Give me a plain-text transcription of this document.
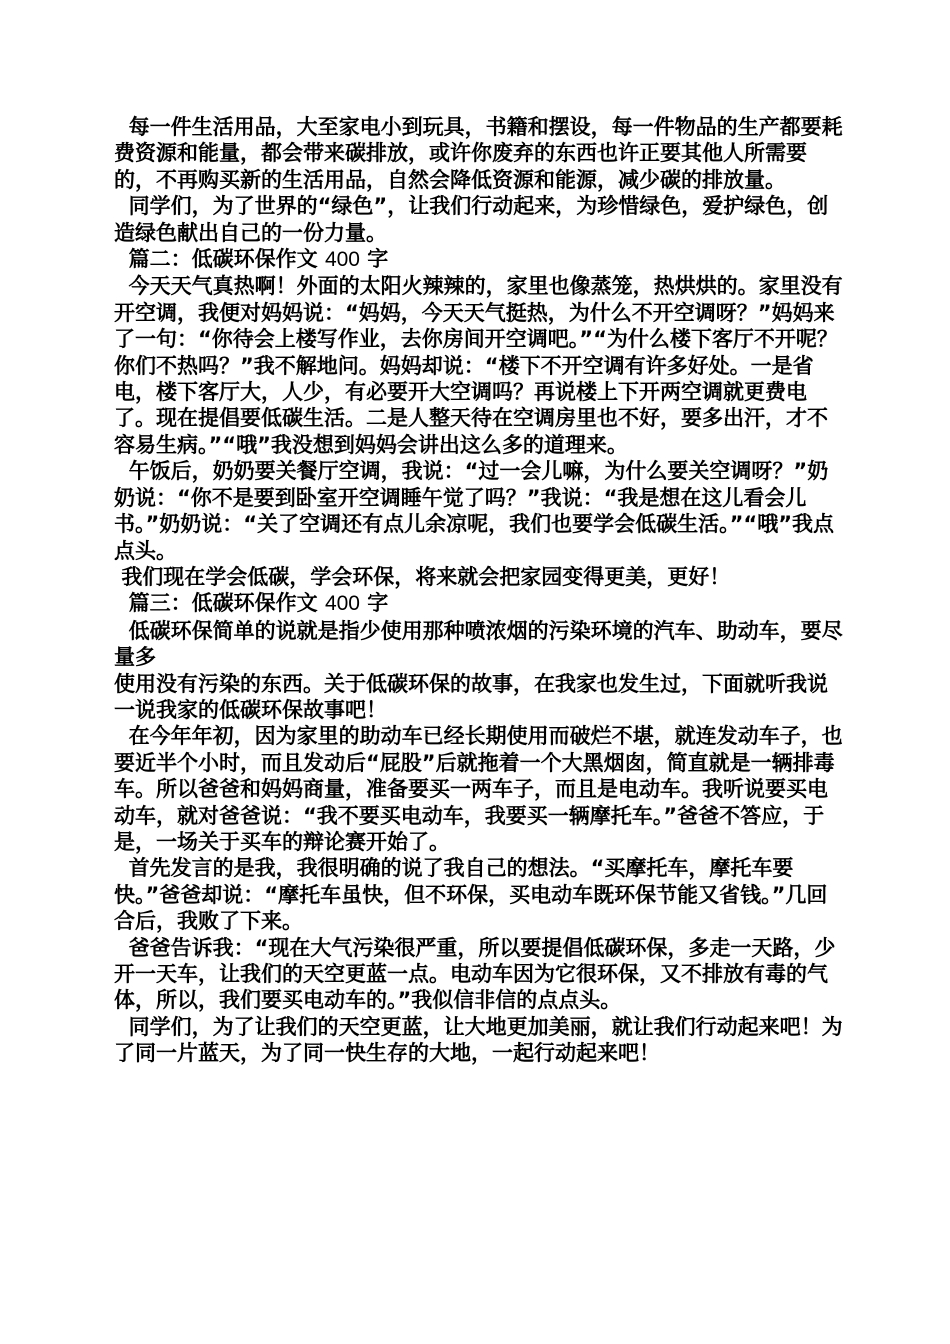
每一件生活用品，大至家电小到玩具，书籍和摆设，每一件物品的生产都要耗费资源和能量，都会带来碳排放，或许你废弃的东西也许正要其他人所需要的，不再购买新的生活用品，自然会降低资源和能源，减少碳的排放量。

同学们，为了世界的“绿色”，让我们行动起来，为珍惜绿色，爱护绿色，创造绿色献出自己的一份力量。

篇二：低碳环保作文 400 字

今天天气真热啊！外面的太阳火辣辣的，家里也像蒸笼，热烘烘的。家里没有开空调，我便对妈妈说：“妈妈，今天天气挺热，为什么不开空调呀？”妈妈来了一句：“你待会上楼写作业，去你房间开空调吧。”“为什么楼下客厅不开呢？你们不热吗？”我不解地问。妈妈却说：“楼下不开空调有许多好处。一是省电，楼下客厅大，人少，有必要开大空调吗？再说楼上下开两空调就更费电了。现在提倡要低碳生活。二是人整天待在空调房里也不好，要多出汗，才不容易生病。”“哦”我没想到妈妈会讲出这么多的道理来。

午饭后，奶奶要关餐厅空调，我说：“过一会儿嘛，为什么要关空调呀？”奶奶说：“你不是要到卧室开空调睡午觉了吗？”我说：“我是想在这儿看会儿书。”奶奶说：“关了空调还有点儿余凉呢，我们也要学会低碳生活。”“哦”我点点头。

我们现在学会低碳，学会环保，将来就会把家园变得更美，更好！

篇三：低碳环保作文 400 字

低碳环保简单的说就是指少使用那种喷浓烟的污染环境的汽车、助动车，要尽量多

使用没有污染的东西。关于低碳环保的故事，在我家也发生过，下面就听我说一说我家的低碳环保故事吧！

在今年年初，因为家里的助动车已经长期使用而破烂不堪，就连发动车子，也要近半个小时，而且发动后“屁股”后就拖着一个大黑烟囱，简直就是一辆排毒车。所以爸爸和妈妈商量，准备要买一两车子，而且是电动车。我听说要买电动车，就对爸爸说：“我不要买电动车，我要买一辆摩托车。”爸爸不答应，于是，一场关于买车的辩论赛开始了。

首先发言的是我，我很明确的说了我自己的想法。“买摩托车，摩托车要快。”爸爸却说：“摩托车虽快，但不环保，买电动车既环保节能又省钱。”几回合后，我败了下来。

爸爸告诉我：“现在大气污染很严重，所以要提倡低碳环保，多走一天路，少开一天车，让我们的天空更蓝一点。电动车因为它很环保，又不排放有毒的气体，所以，我们要买电动车的。”我似信非信的点点头。

同学们，为了让我们的天空更蓝，让大地更加美丽，就让我们行动起来吧！为了同一片蓝天，为了同一快生存的大地，一起行动起来吧！
